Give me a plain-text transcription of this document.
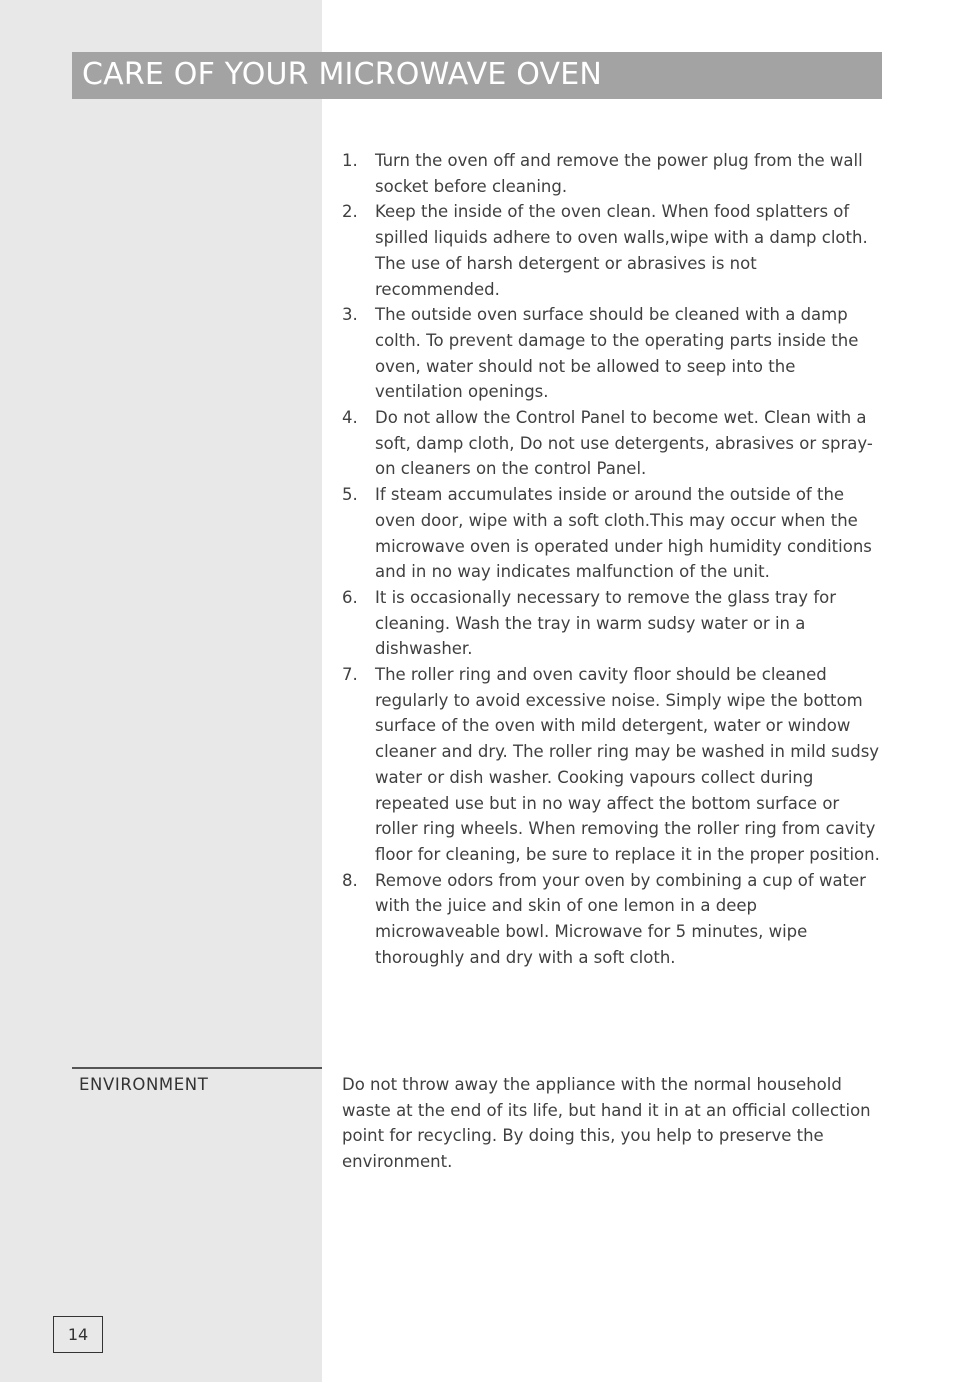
CARE OF YOUR MICROWAVE OVEN
1.	Turn the oven off and remove the power plug from the wall socket before cleaning.
2.	Keep the inside of the oven clean. When food splatters of spilled liquids adhere to oven walls,wipe with a damp cloth. The use of harsh detergent or abrasives is not recommended.
3.	The outside oven surface should be cleaned with a damp colth. To prevent damage to the operating parts inside the oven, water should not be allowed to seep into the ventilation openings.
4.	Do not allow the Control Panel to become wet. Clean with a soft, damp cloth, Do not use detergents, abrasives or spray-on cleaners on the control Panel.
5.	If steam accumulates inside or around the outside of the oven door, wipe with a soft cloth.This may occur when the microwave oven is operated under high humidity conditions and in no way indicates malfunction of the unit.
6.	It is occasionally necessary to remove the glass tray for cleaning. Wash the tray in warm sudsy water or in a dishwasher.
7.	The roller ring and oven cavity floor should be cleaned regularly to avoid excessive noise. Simply wipe the bottom surface of the oven with mild detergent, water or window cleaner and dry. The roller ring may be washed in mild sudsy water or dish washer. Cooking vapours collect during repeated use but in no way affect the bottom surface or roller ring wheels. When removing the roller ring from cavity floor for cleaning, be sure to replace it in the proper position.
8.	Remove odors from your oven by combining a cup of water with the juice and skin of one lemon in a deep microwaveable bowl. Microwave for 5 minutes, wipe thoroughly and dry with a soft cloth.
ENVIRONMENT	Do not throw away the appliance with the normal household waste at the end of its life, but hand it in at an official collection point for recycling. By doing this, you help to preserve the environment.

14
